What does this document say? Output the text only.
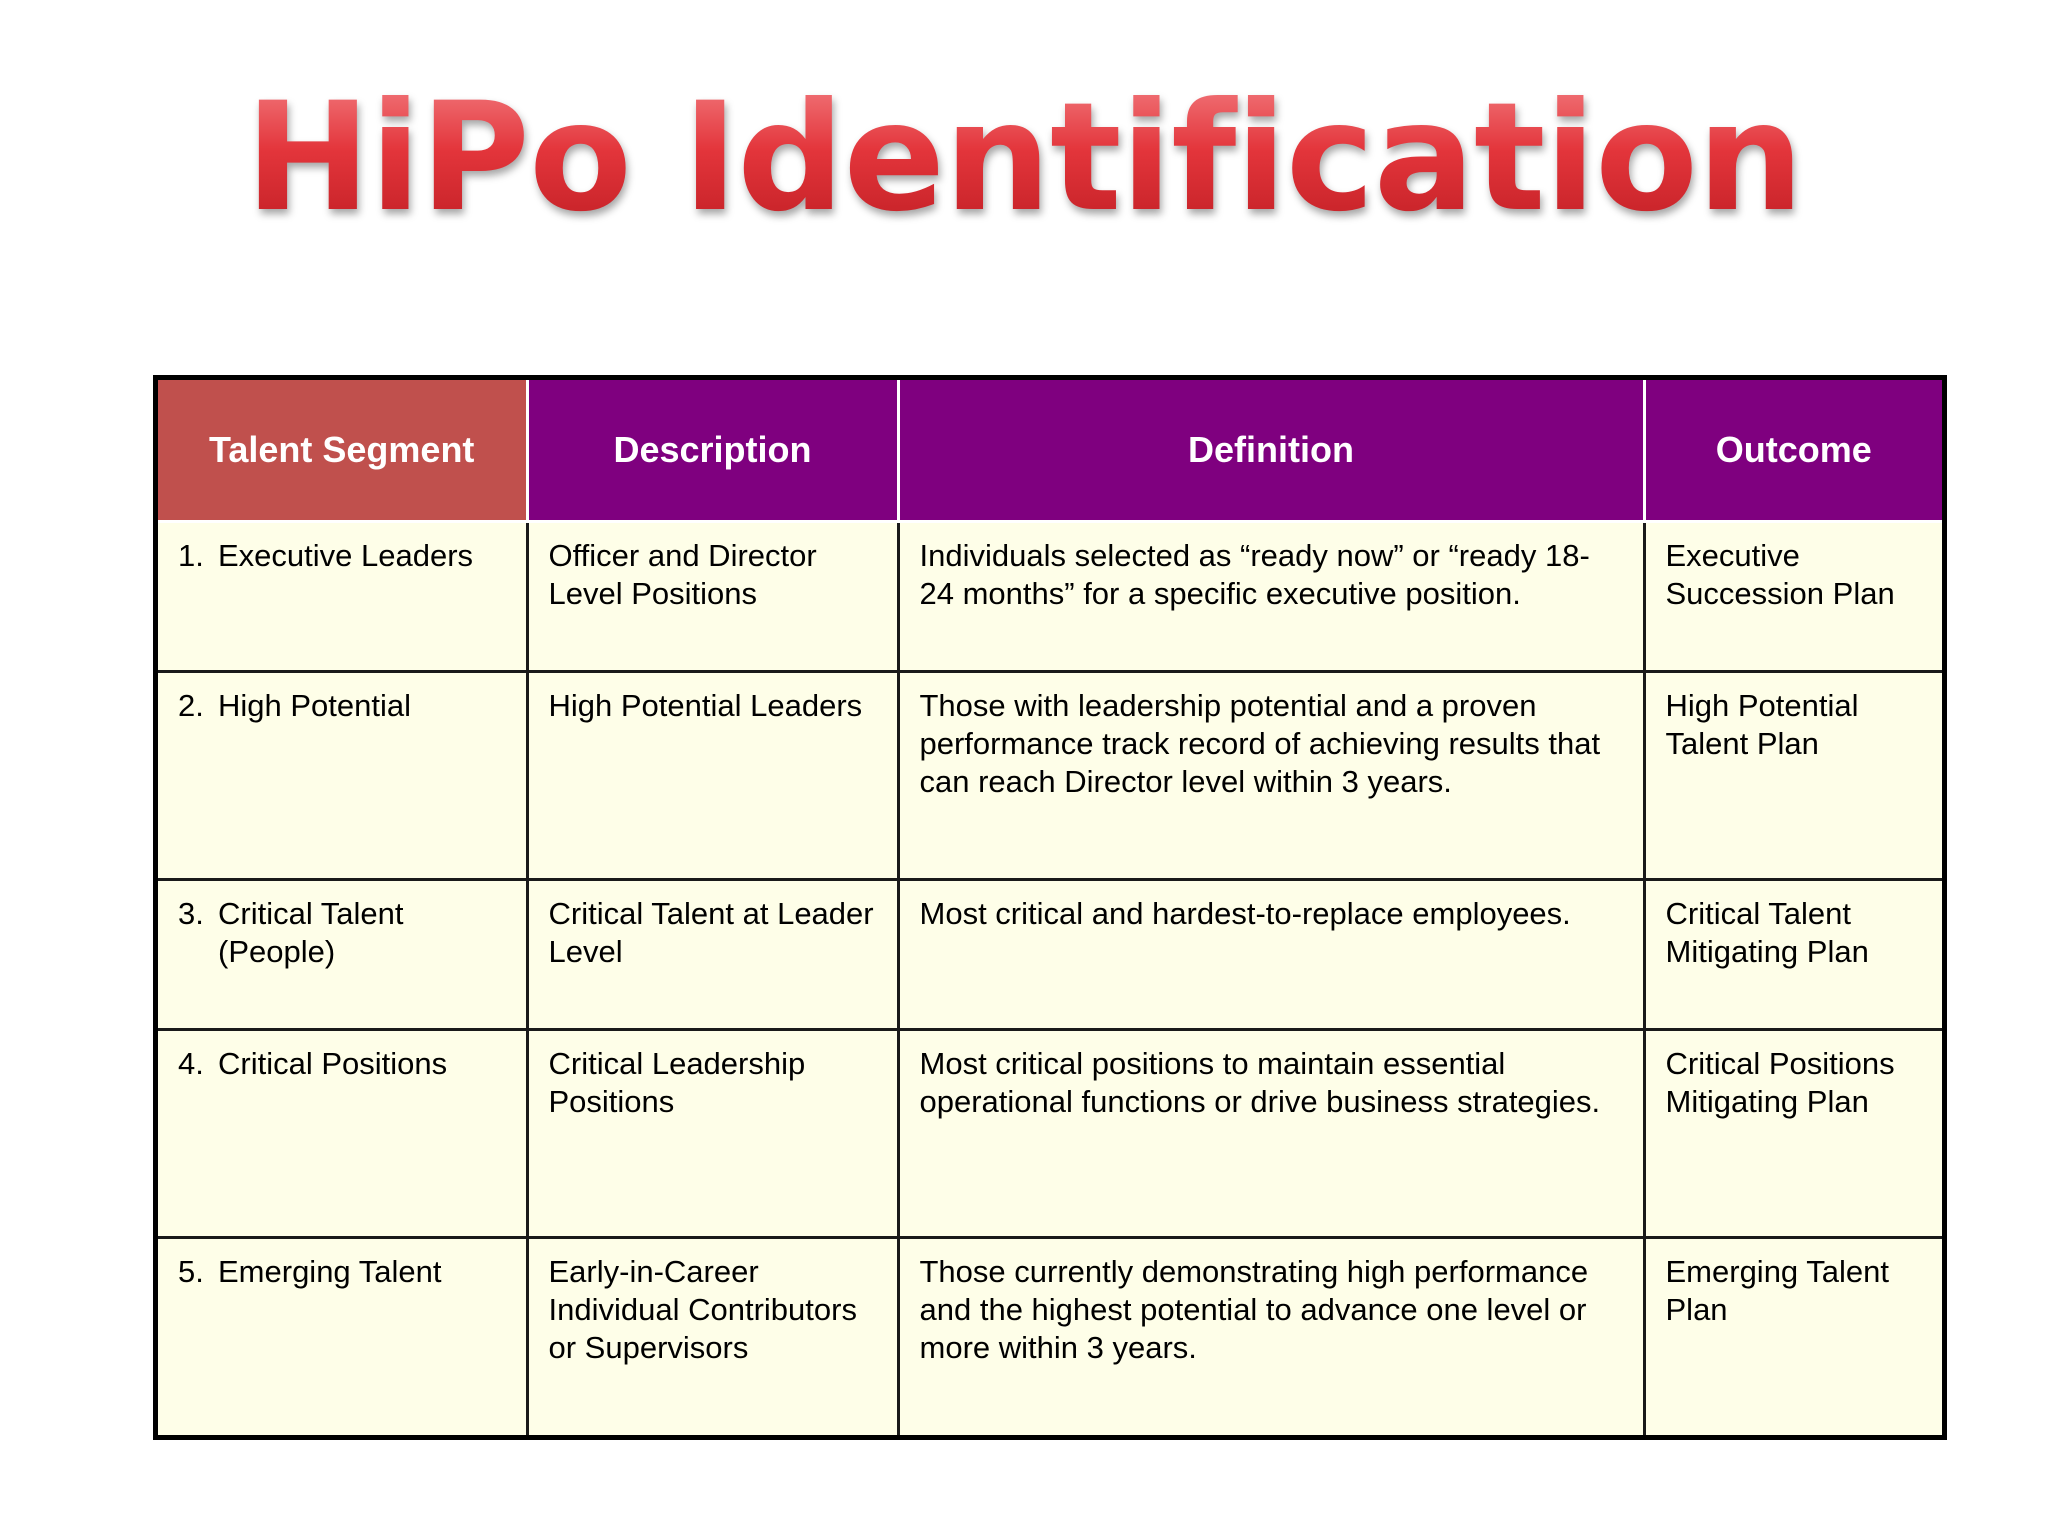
HiPo Identification
Talent Segment	Description	Definition	Outcome

1. Executive Leaders	Officer and Director Level Positions	Individuals selected as “ready now” or “ready 18-24 months” for a specific executive position.	Executive Succession Plan

2. High Potential	High Potential Leaders	Those with leadership potential and a proven performance track record of achieving results that can reach Director level within 3 years.	High Potential Talent Plan

3. Critical Talent (People)	Critical Talent at Leader Level	Most critical and hardest-to-replace employees.	Critical Talent Mitigating Plan

4. Critical Positions	Critical Leadership Positions	Most critical positions to maintain essential operational functions or drive business strategies.	Critical Positions Mitigating Plan

5. Emerging Talent	Early-in-Career Individual Contributors or Supervisors	Those currently demonstrating high performance and the highest potential to advance one level or more within 3 years.	Emerging Talent Plan
